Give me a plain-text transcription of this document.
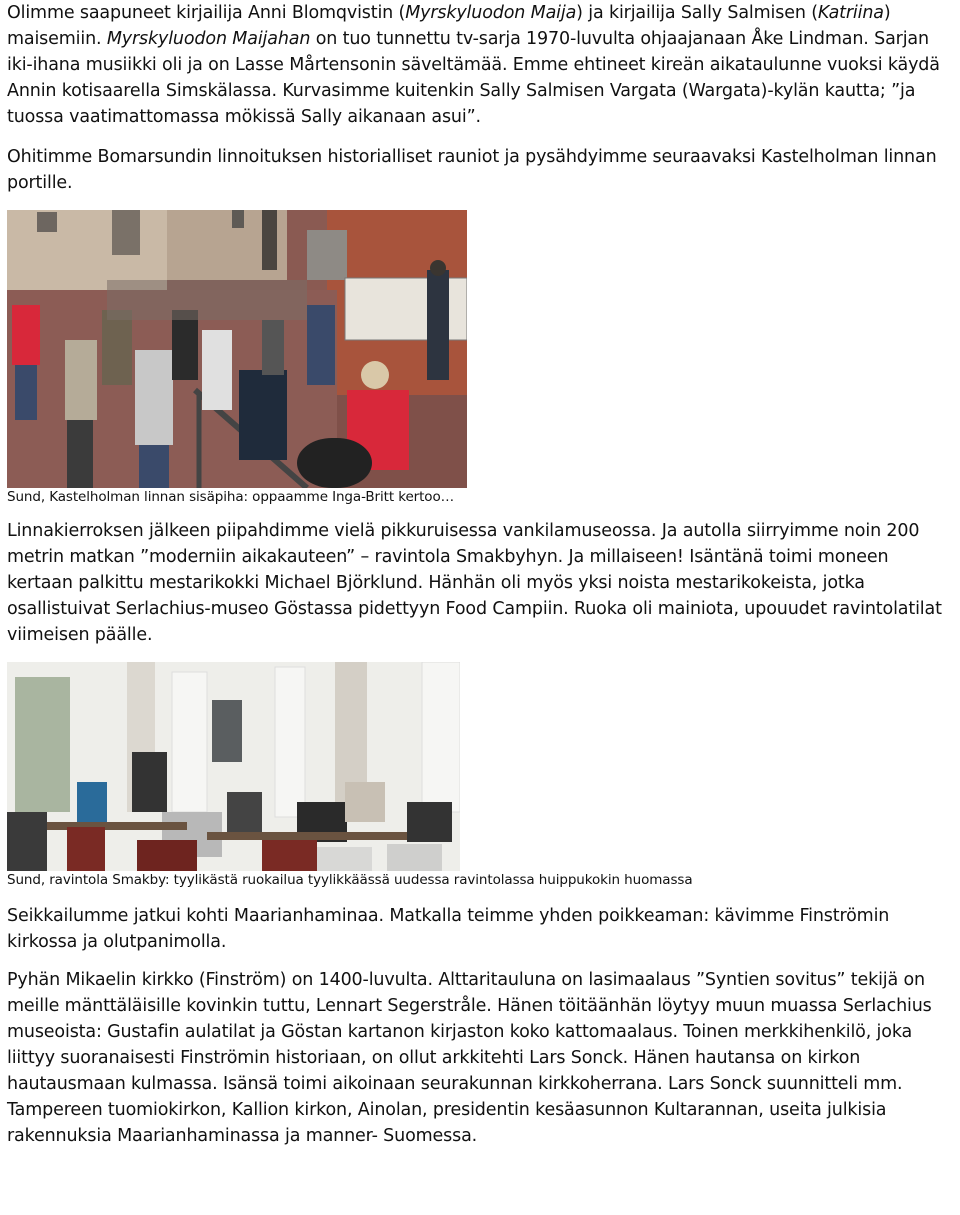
Olimme saapuneet kirjailija Anni Blomqvistin (Myrskyluodon Maija) ja kirjailija Sally Salmisen (Katriina) maisemiin. Myrskyluodon Maijahan on tuo tunnettu tv-sarja 1970-luvulta ohjaajanaan Åke Lindman. Sarjan iki-ihana musiikki oli ja on Lasse Mårtensonin säveltämää. Emme ehtineet kireän aikataulunne vuoksi käydä Annin kotisaarella Simskälassa. Kurvasimme kuitenkin Sally Salmisen Vargata (Wargata)-kylän kautta; ”ja tuossa vaatimattomassa mökissä Sally aikanaan asui”.

Ohitimme Bomarsundin linnoituksen historialliset rauniot ja pysähdyimme seuraavaksi Kastelholman linnan portille.

Sund, Kastelholman linnan sisäpiha: oppaamme Inga-Britt kertoo…

Linnakierroksen jälkeen piipahdimme vielä pikkuruisessa vankilamuseossa. Ja autolla siirryimme noin 200 metrin matkan ”moderniin aikakauteen” – ravintola Smakbyhyn. Ja millaiseen! Isäntänä toimi moneen kertaan palkittu mestarikokki Michael Björklund. Hänhän oli myös yksi noista mestarikokeista, jotka osallistuivat Serlachius-museo Göstassa pidettyyn Food Campiin. Ruoka oli mainiota, upouudet ravintolatilat viimeisen päälle.

Sund, ravintola Smakby: tyylikästä ruokailua tyylikkäässä uudessa ravintolassa huippukokin huomassa

Seikkailumme jatkui kohti Maarianhaminaa. Matkalla teimme yhden poikkeaman: kävimme Finströmin kirkossa ja olutpanimolla.

Pyhän Mikaelin kirkko (Finström) on 1400-luvulta. Alttaritauluna on lasimaalaus ”Syntien sovitus” tekijä on meille mänttäläisille kovinkin tuttu, Lennart Segerstråle. Hänen töitäänhän löytyy muun muassa Serlachius museoista: Gustafin aulatilat ja Göstan kartanon kirjaston koko kattomaalaus. Toinen merkkihenkilö, joka liittyy suoranaisesti Finströmin historiaan, on ollut arkkitehti Lars Sonck. Hänen hautansa on kirkon hautausmaan kulmassa. Isänsä toimi aikoinaan seurakunnan kirkkoherrana. Lars Sonck suunnitteli mm. Tampereen tuomiokirkon, Kallion kirkon, Ainolan, presidentin kesäasunnon Kultarannan, useita julkisia rakennuksia Maarianhaminassa ja manner- Suomessa.
